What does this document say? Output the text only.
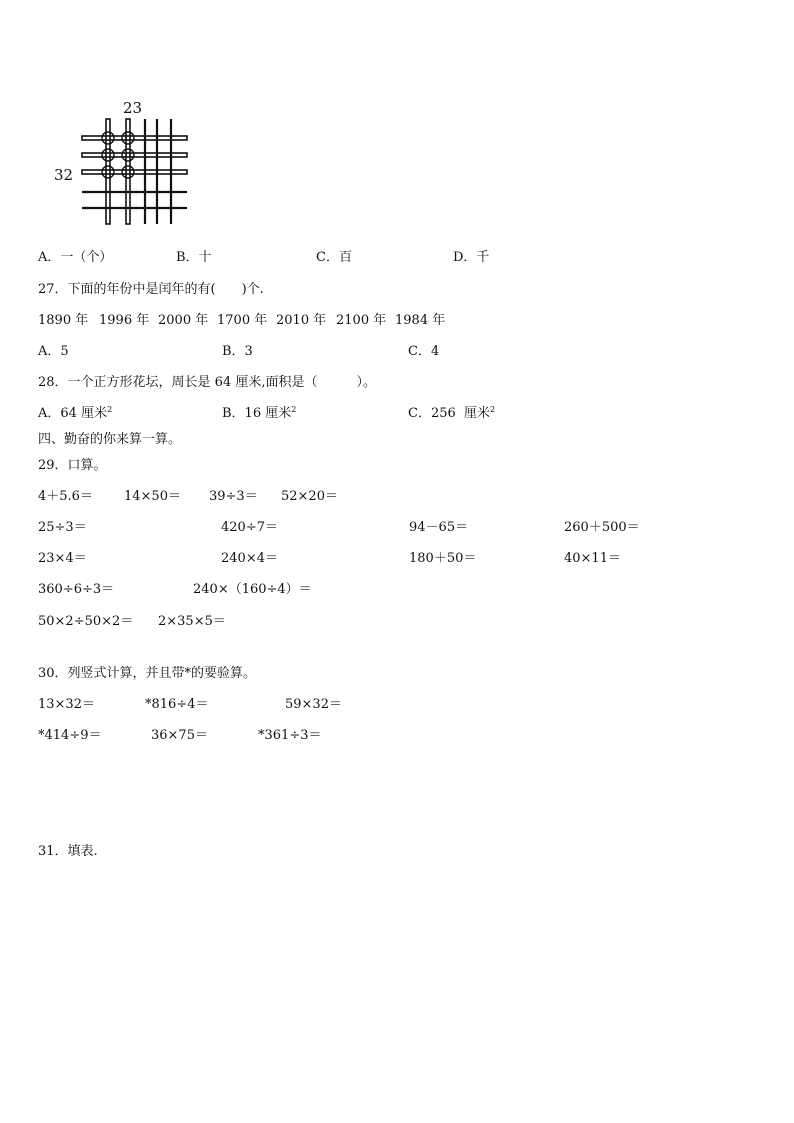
23
32
A．一（个）	B．十	C．百	D．千
27．下面的年份中是闰年的有(　　)个.
1890 年 1996 年 2000 年 1700 年 2010 年 2100 年 1984 年
A．5	B．3	C．4
28．一个正方形花坛，周长是 64 厘米,面积是（　　　）。
A．64 厘米$^2$	B．16 厘米$^2$	C．256  厘米$^2$
四、勤奋的你来算一算。
29．口算。
4＋5.6＝ 14×50＝ 39÷3＝ 52×20＝
25÷3＝	420÷7＝	94－65＝	260＋500＝
23×4＝	240×4＝	180＋50＝	40×11＝
360÷6÷3＝	240×（160÷4）＝
50×2÷50×2＝ 2×35×5＝
30．列竖式计算，并且带*的要验算。
13×32＝	*816÷4＝	59×32＝
*414÷9＝	36×75＝	*361÷3＝
31．填表.
